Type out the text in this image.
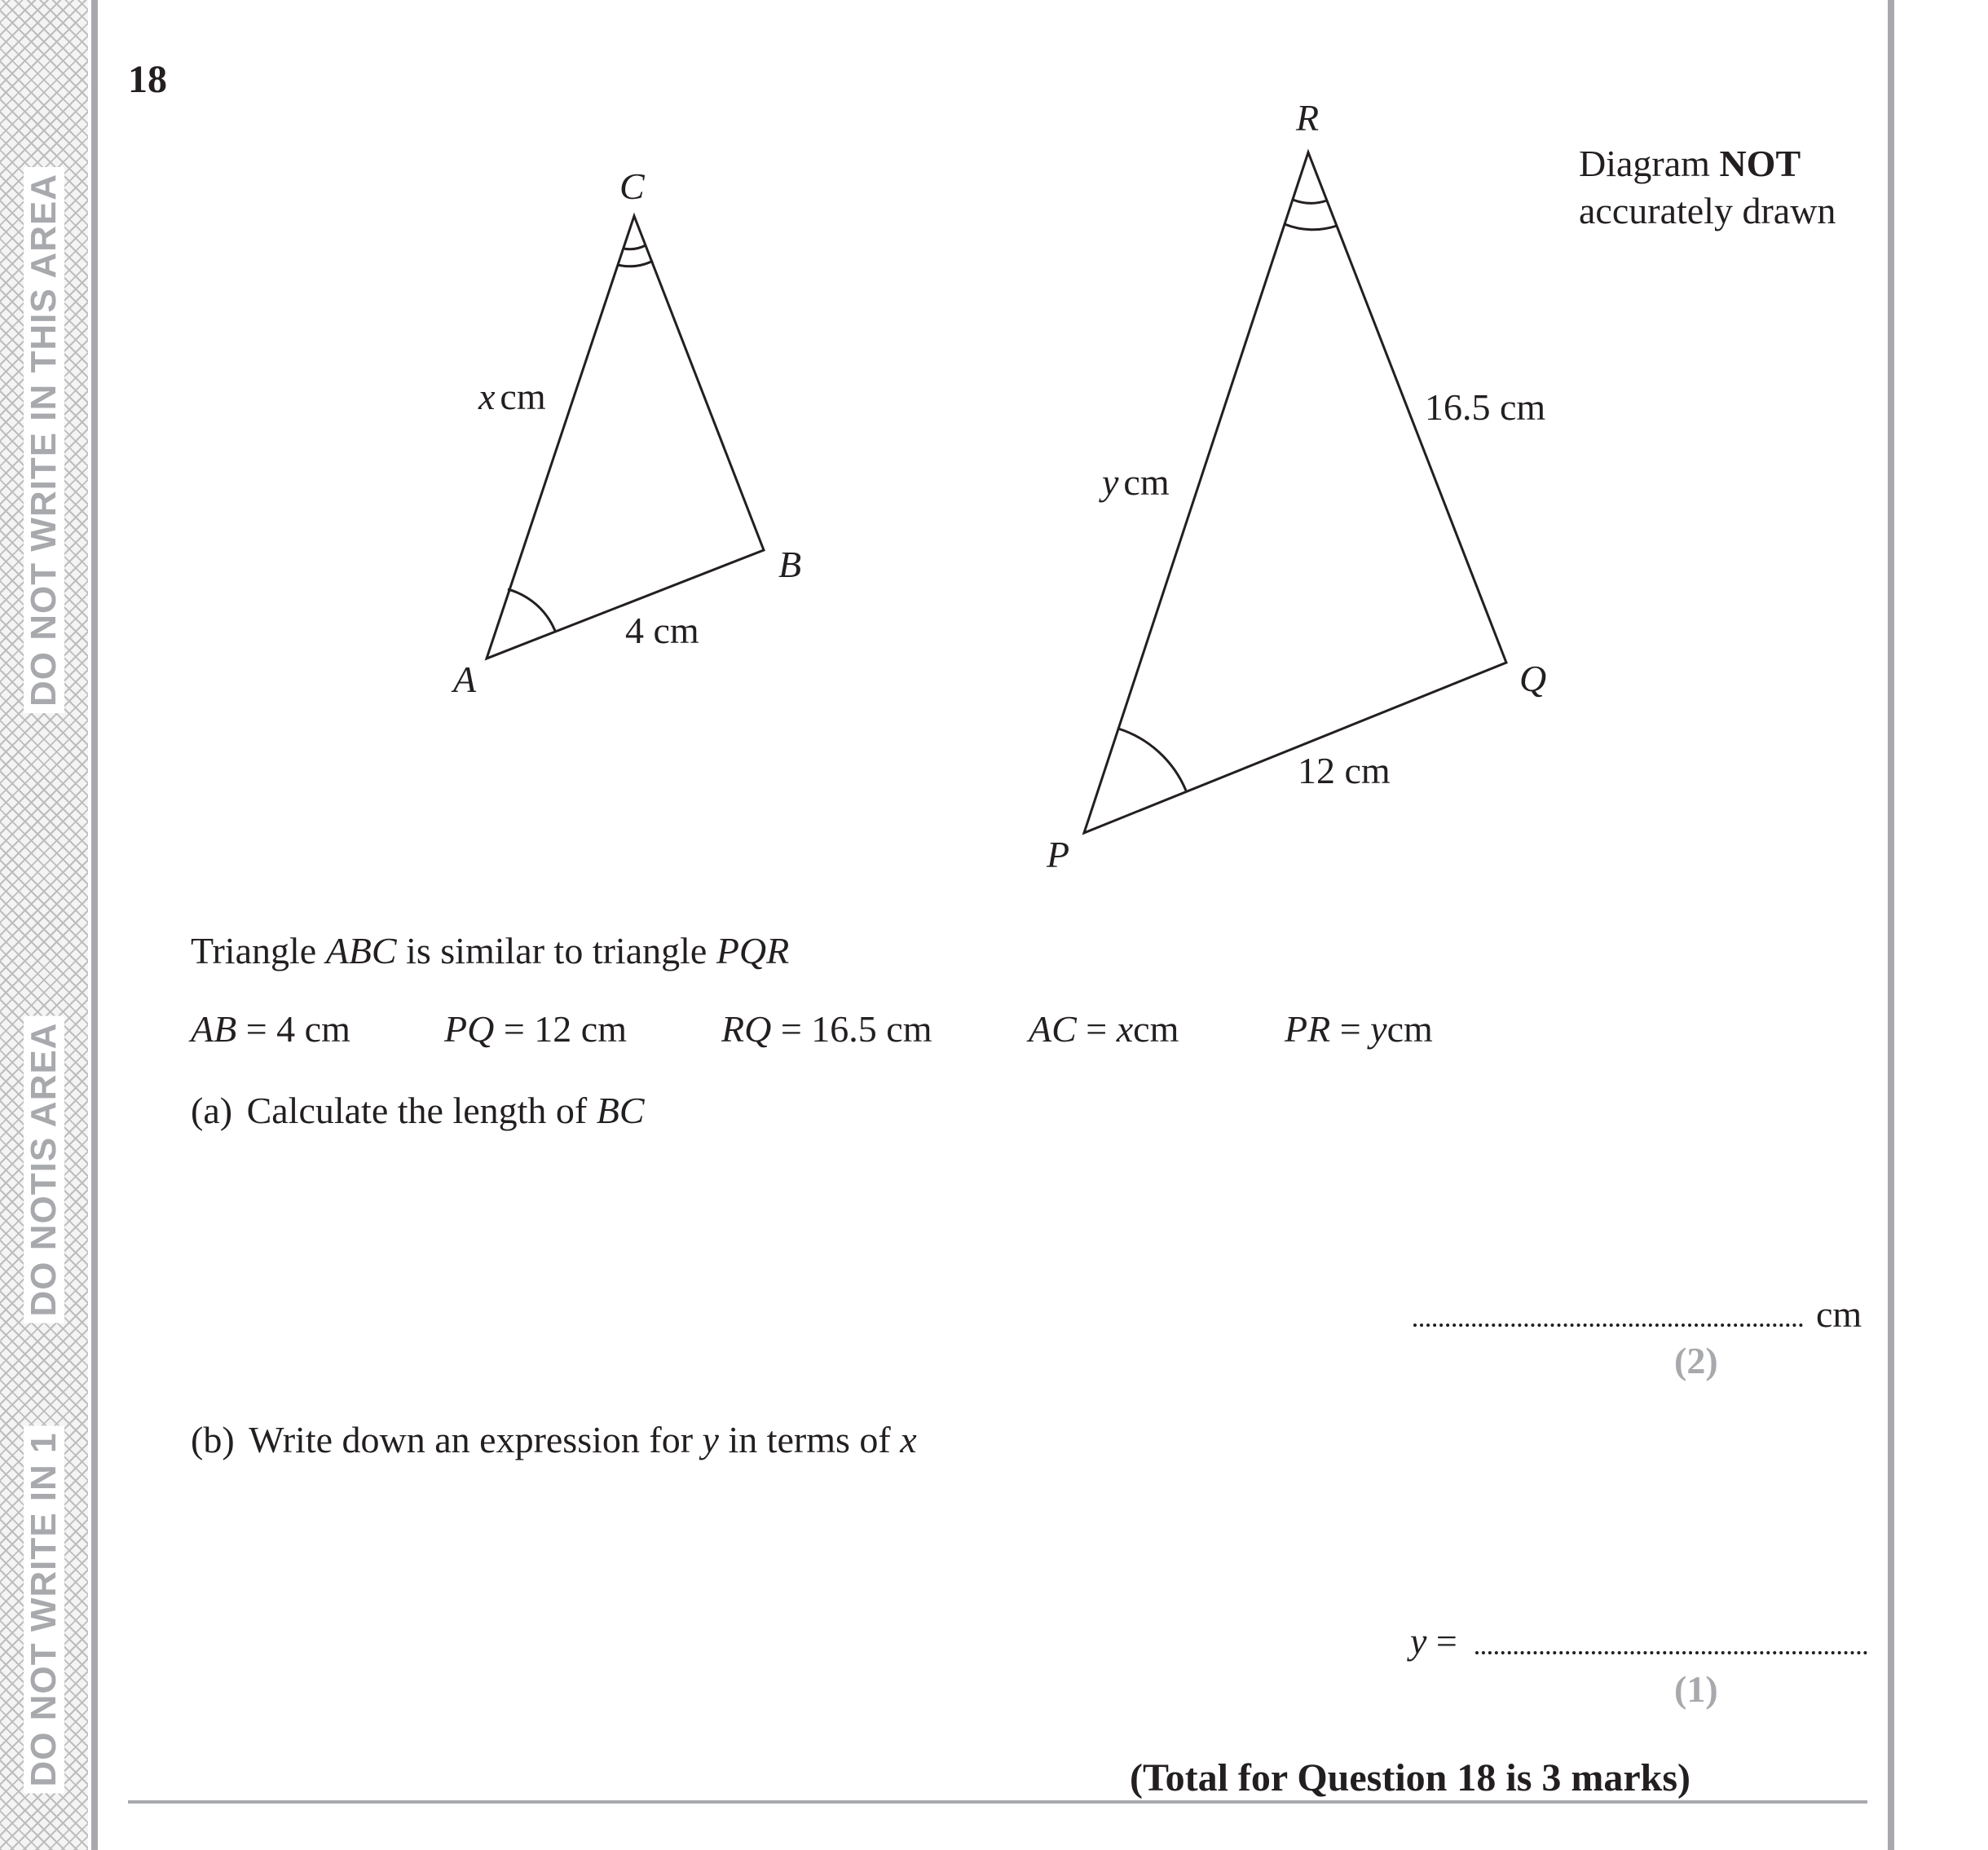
DO NOT WRITE IN THIS AREA
DO NOTIS AREA
DO NOT WRITE IN 1
18
Diagram NOT
accurately drawn
A
B
C
x cm
4 cm
P
Q
R
y cm
16.5 cm
12 cm
Triangle ABC is similar to triangle PQR
AB = 4 cm	PQ = 12 cm	RQ = 16.5 cm	AC = xcm	PR = ycm
(a) Calculate the length of BC
cm
(2)
(b) Write down an expression for y in terms of x
y =
(1)
(Total for Question 18 is 3 marks)
